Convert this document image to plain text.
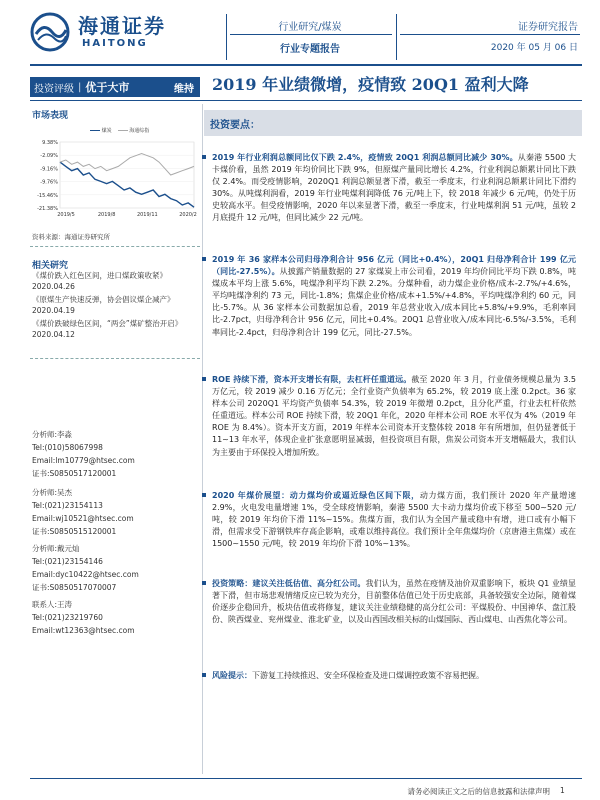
海通证券
HAITONG
行业研究/煤炭
行业专题报告
证券研究报告
2020 年 05 月 06 日
投资评级 | 优于大市	维持	2019 年业绩微增，疫情致 20Q1 盈利大降
市场表现
煤炭	海通综指
9.38%
-2.09%
-9.16%
-9.76%
-15.46%
-21.38%
2019/5	2019/8	2019/11	2020/2
资料来源：海通证券研究所
相关研究
《煤价跌入红色区间，进口煤政策收紧》
2020.04.26
《原煤生产快速反弹，协会倡议煤企减产》
2020.04.19
《煤价跌破绿色区间，“两会”煤矿整治开启》
2020.04.12
分析师:李淼
Tel:(010)58067998
Email:lm10779@htsec.com
证书:S0850517120001
分析师:吴杰
Tel:(021)23154113
Email:wj10521@htsec.com
证书:S0850515120001
分析师:戴元灿
Tel:(021)23154146
Email:dyc10422@htsec.com
证书:S0850517070007
联系人:王涛
Tel:(021)23219760
Email:wt12363@htsec.com
投资要点：
2019 年行业利润总额同比仅下跌 2.4%，疫情致 20Q1 利润总额同比减少 30%。从秦港 5500 大卡煤价看，虽然 2019 年均价同比下跌 9%，但原煤产量同比增长 4.2%，行业利润总额累计同比下跌仅 2.4%。而受疫情影响，2020Q1 利润总额显著下滑，截至一季度末，行业利润总额累计同比下滑约 30%。从吨煤利润看，2019 年行业吨煤利润降低 76 元/吨上下，较 2018 年减少 6 元/吨，仍处于历史较高水平。但受疫情影响，2020 年以来显著下滑，截至一季度末，行业吨煤利润 51 元/吨，虽较 2 月底提升 12 元/吨，但同比减少 22 元/吨。
2019 年 36 家样本公司归母净利合计 956 亿元（同比+0.4%），20Q1 归母净利合计 199 亿元（同比-27.5%）。从披露产销量数据的 27 家煤炭上市公司看，2019 年均价同比平均下跌 0.8%，吨煤成本平均上涨 5.6%，吨煤净利平均下跌 2.2%。分煤种看，动力煤企业价格/成本-2.7%/+4.6%，平均吨煤净利约 73 元，同比-1.8%；焦煤企业价格/成本+1.5%/+4.8%，平均吨煤净利约 60 元，同比-5.7%。从 36 家样本公司数据加总看，2019 年总营业收入/成本同比+5.8%/+9.9%，毛利率同比-2.7pct，归母净利合计 956 亿元，同比+0.4%。20Q1 总营业收入/成本同比-6.5%/-3.5%，毛利率同比-2.4pct，归母净利合计 199 亿元，同比-27.5%。
ROE 持续下滑，资本开支增长有限，去杠杆任重道远。截至 2020 年 3 月，行业债务规模总量为 3.5 万亿元，较 2019 减少 0.16 万亿元；全行业资产负债率为 65.2%，较 2019 底上涨 0.2pct。36 家样本公司 2020Q1 平均资产负债率 54.3%，较 2019 年微增 0.2pct，且分化严重，行业去杠杆依然任重道远。样本公司 ROE 持续下滑，较 20Q1 年化，2020 年样本公司 ROE 水平仅为 4%（2019 年 ROE 为 8.4%）。资本开支方面，2019 年样本公司资本开支整体较 2018 年有所增加，但仍显著低于 11~13 年水平，体现企业扩张意愿明显减弱，但投资项目有限，焦炭公司资本开支增幅最大，我们认为主要由于环保投入增加所致。
2020 年煤价展望：动力煤均价或逼近绿色区间下限，动力煤方面，我们预计 2020 年产量增速 2.9%，火电发电量增速 1%，受全球疫情影响，秦港 5500 大卡动力煤均价或下移至 500~520 元/吨，较 2019 年均价下滑 11%~15%。焦煤方面，我们认为全国产量或稳中有增，进口或有小幅下滑，但需求受下游钢铁库存高企影响，或难以维持高位。我们预计全年焦煤均价（京唐港主焦煤）或在 1500~1550 元/吨，较 2019 年均价下滑 10%~13%。
投资策略：建议关注低估值、高分红公司。我们认为，虽然在疫情及油价双重影响下，板块 Q1 业绩显著下滑，但市场悲观情绪反应已较为充分，目前整体估值已处于历史底部，具备较强安全边际，随着煤价逐步企稳回升，板块估值或将修复，建议关注业绩稳健的高分红公司：平煤股份、中国神华、盘江股份、陕西煤业、兖州煤业、淮北矿业，以及山西国改相关标的山煤国际、西山煤电、山西焦化等公司。
风险提示：下游复工持续推迟、安全环保检查及进口煤调控政策不容易把握。
请务必阅读正文之后的信息披露和法律声明 1
